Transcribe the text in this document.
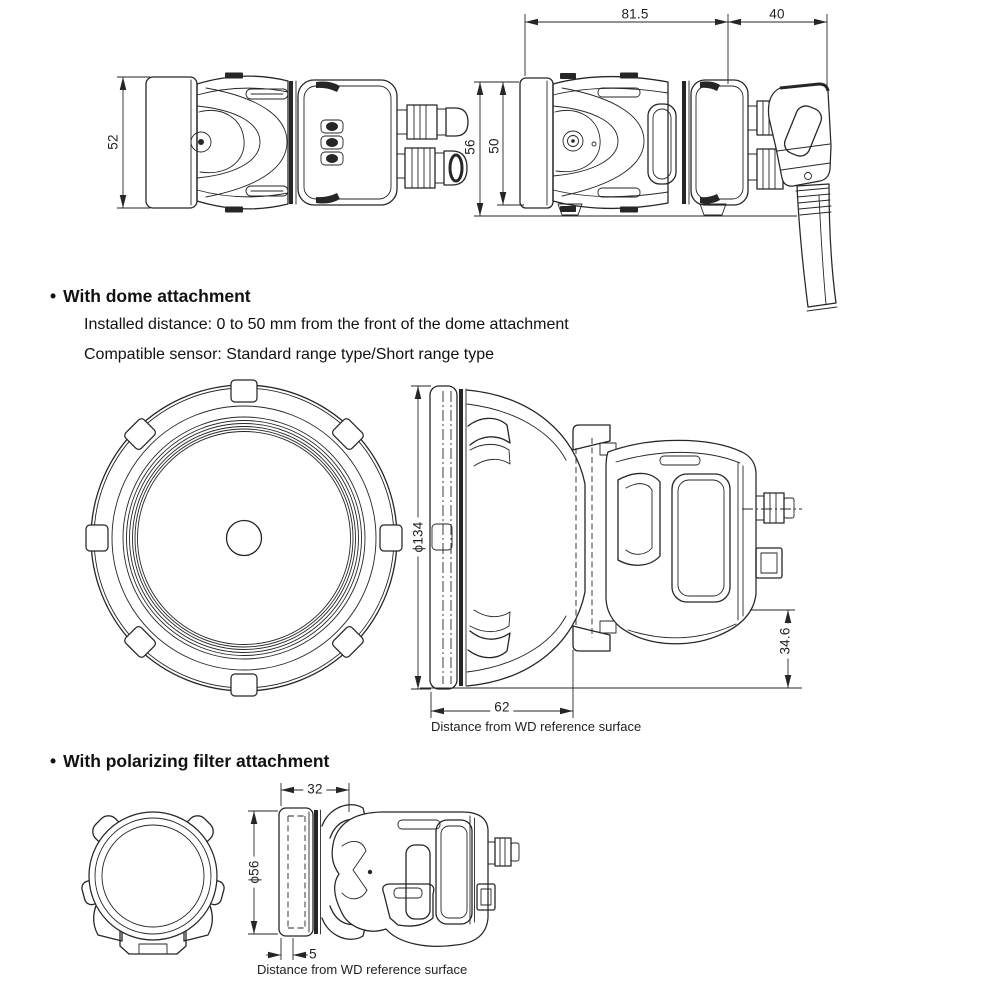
81.5	40
52	56 50
• With dome attachment
Installed distance: 0 to 50 mm from the front of the dome attachment
Compatible sensor: Standard range type/Short range type
ϕ134
62
34.6
Distance from WD reference surface
• With polarizing filter attachment
32
ϕ56
5
Distance from WD reference surface
